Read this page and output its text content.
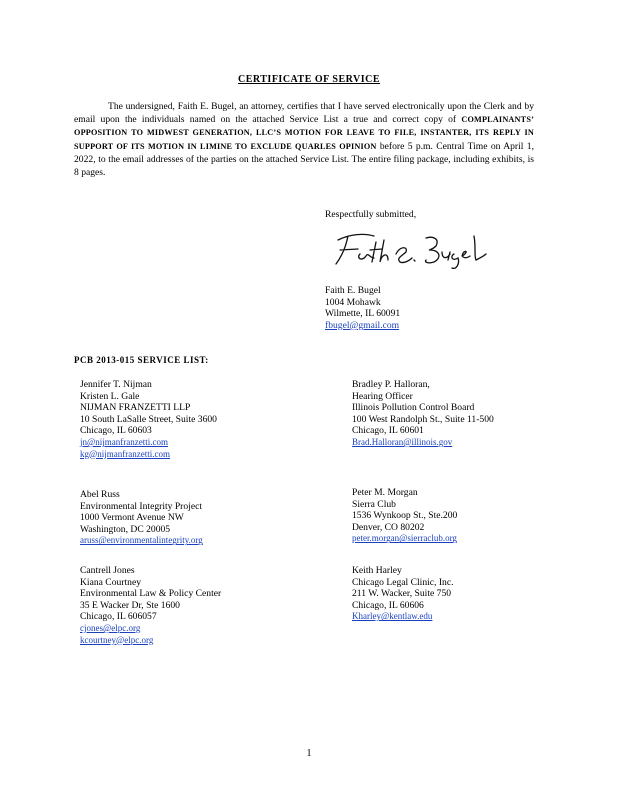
CERTIFICATE OF SERVICE
The undersigned, Faith E. Bugel, an attorney, certifies that I have served electronically upon the Clerk and by email upon the individuals named on the attached Service List a true and correct copy of COMPLAINANTS’ OPPOSITION TO MIDWEST GENERATION, LLC’S MOTION FOR LEAVE TO FILE, INSTANTER, ITS REPLY IN SUPPORT OF ITS MOTION IN LIMINE TO EXCLUDE QUARLES OPINION before 5 p.m. Central Time on April 1, 2022, to the email addresses of the parties on the attached Service List. The entire filing package, including exhibits, is 8 pages.
Respectfully submitted,
Faith E. Bugel
1004 Mohawk
Wilmette, IL 60091
fbugel@gmail.com
PCB 2013-015 SERVICE LIST:
Jennifer T. Nijman
Kristen L. Gale
NIJMAN FRANZETTI LLP
10 South LaSalle Street, Suite 3600
Chicago, IL 60603
jn@nijmanfranzetti.com
kg@nijmanfranzetti.com
Abel Russ
Environmental Integrity Project
1000 Vermont Avenue NW
Washington, DC 20005
aruss@environmentalintegrity.org
Cantrell Jones
Kiana Courtney
Environmental Law & Policy Center
35 E Wacker Dr, Ste 1600
Chicago, IL 606057
cjones@elpc.org
kcourtney@elpc.org
Bradley P. Halloran,
Hearing Officer
Illinois Pollution Control Board
100 West Randolph St., Suite 11-500
Chicago, IL 60601
Brad.Halloran@illinois.gov
Peter M. Morgan
Sierra Club
1536 Wynkoop St., Ste.200
Denver, CO 80202
peter.morgan@sierraclub.org
Keith Harley
Chicago Legal Clinic, Inc.
211 W. Wacker, Suite 750
Chicago, IL 60606
Kharley@kentlaw.edu
1
